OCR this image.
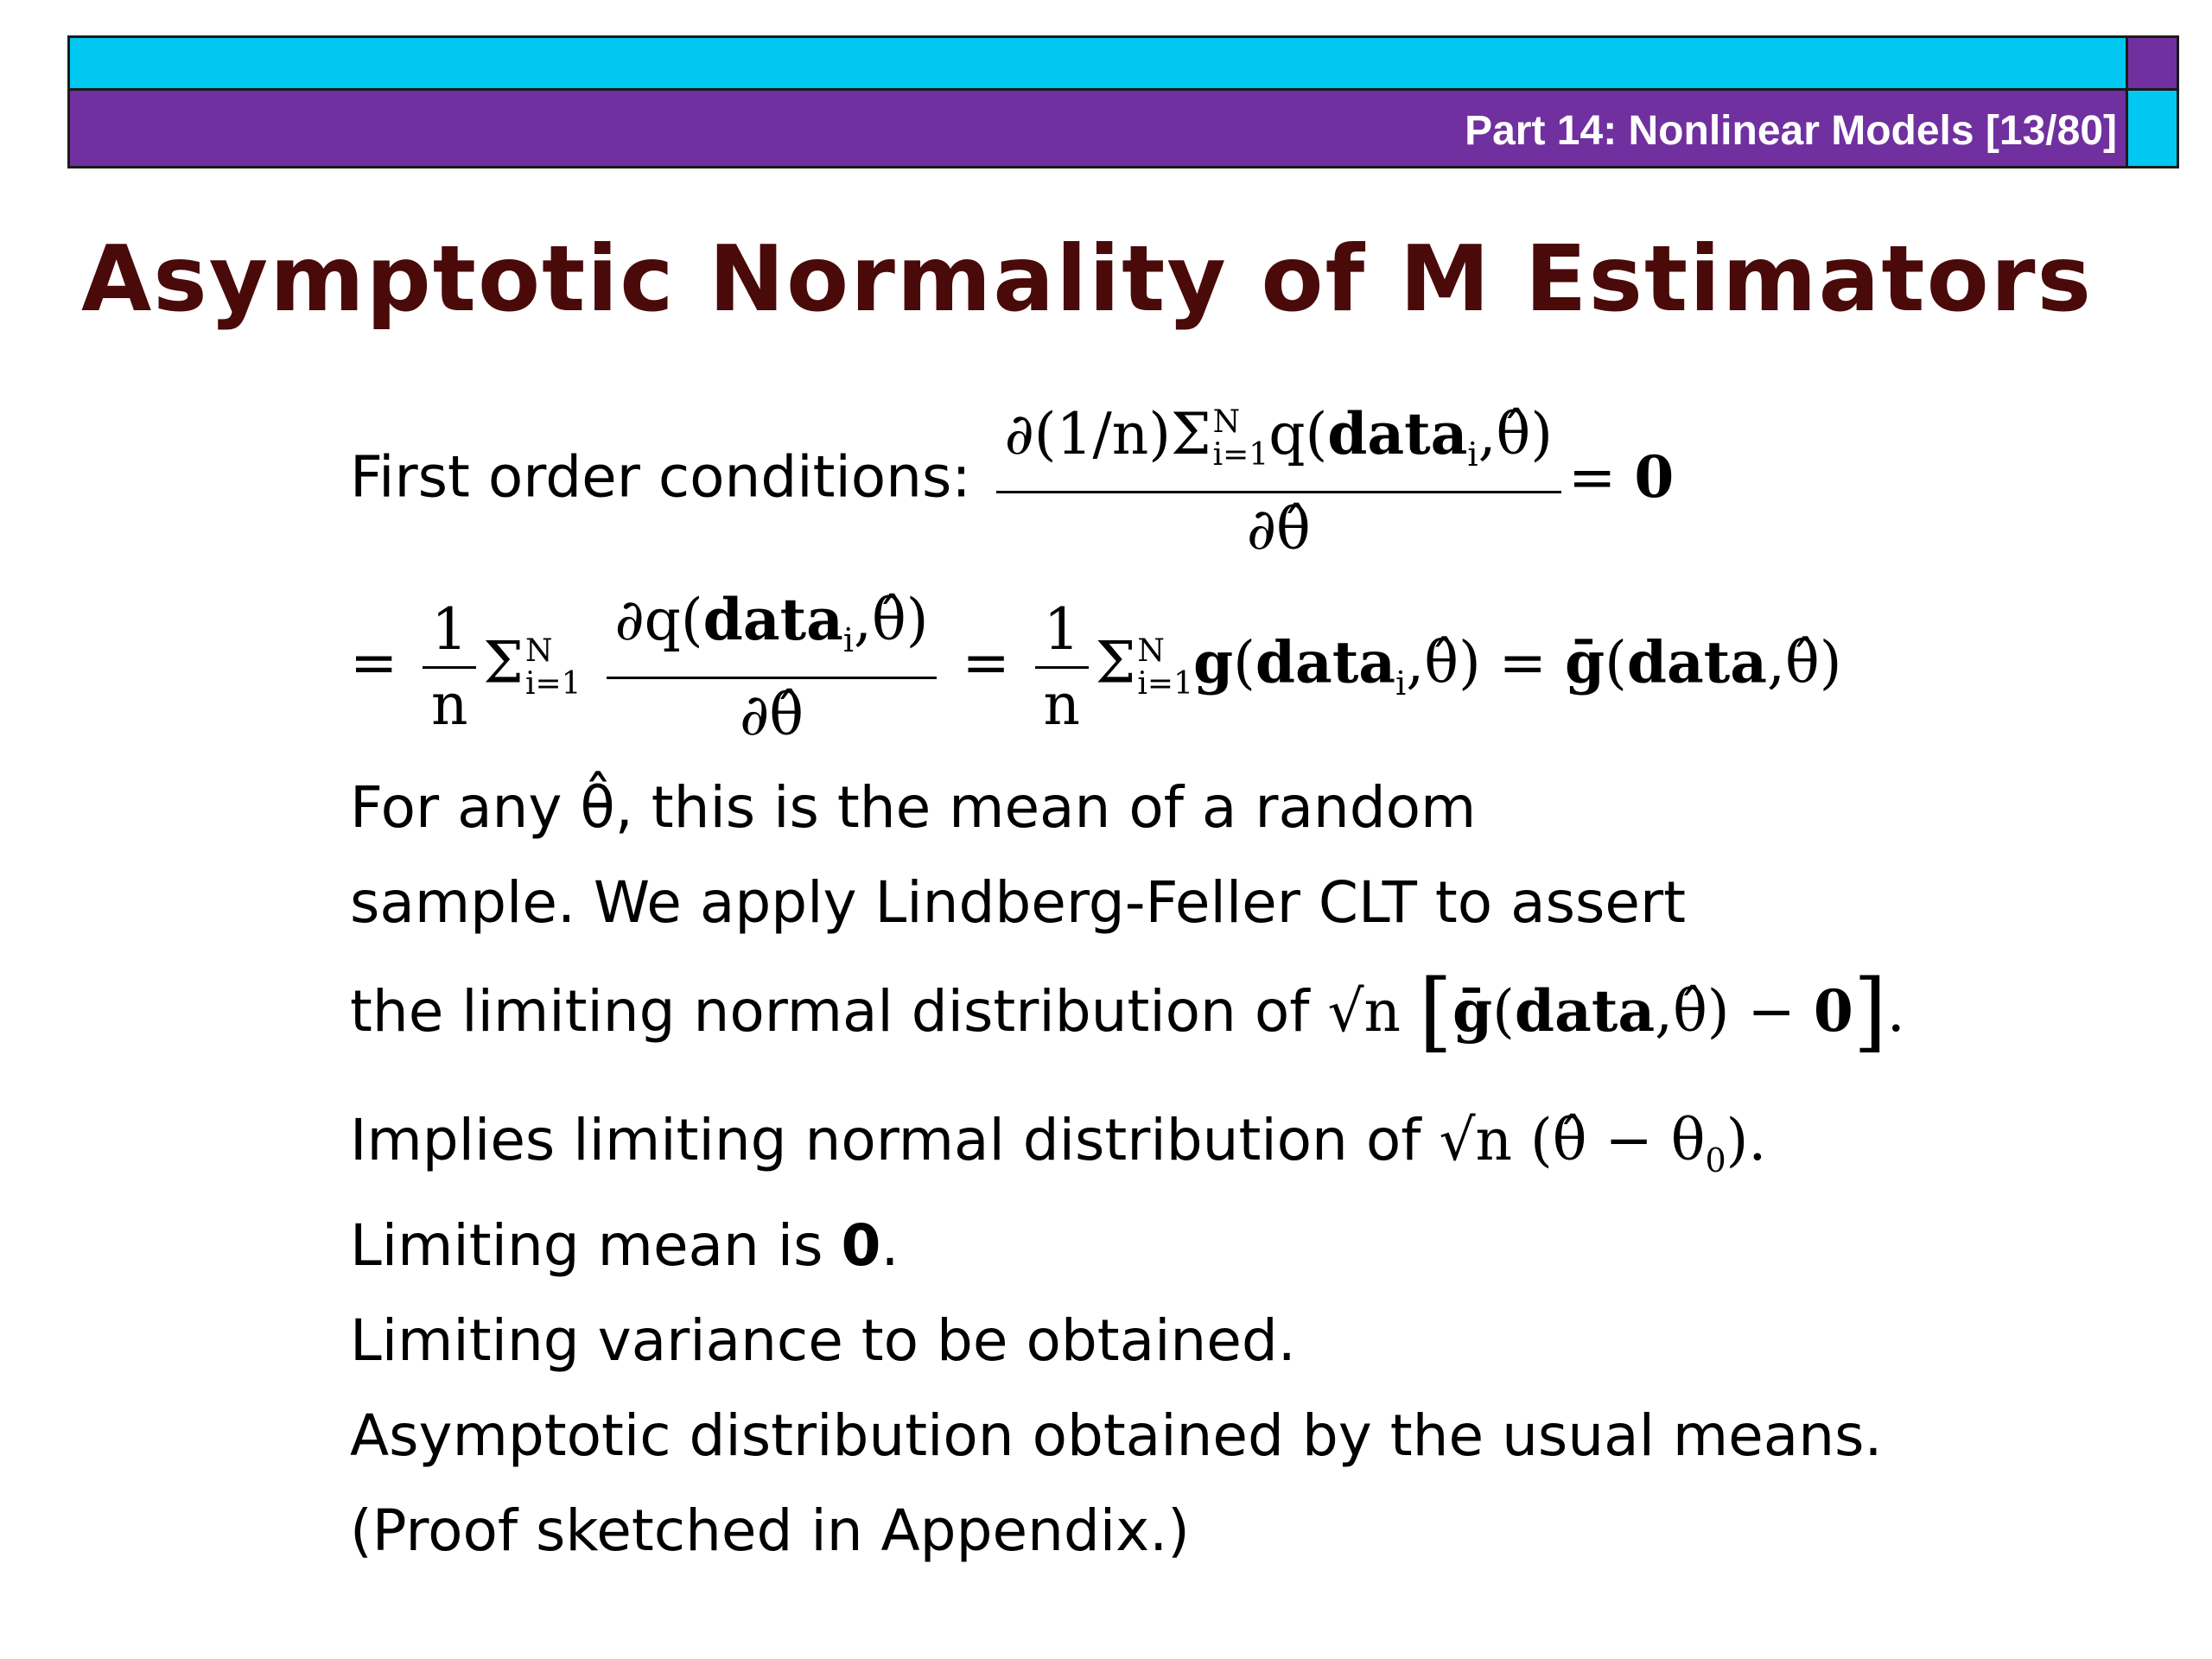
Part 14: Nonlinear Models [13/80]
Asymptotic Normality of M Estimators
First order conditions: ∂(1/n)Σ N
i=1 q(data$_i$,θ̂)
∂θ̂ = 0
= $\frac{1}{n}$ Σ N
i=1
$\frac{\partial q(data_i,\thetâ)}{\partial\thetâ} = \frac{1}{n}$ Σ N
i=1 g(data$_i$,θ̂) = ḡ(data,θ̂)
For any θ̂, this is the mean of a random
sample. We apply Lindberg-Feller CLT to assert
the limiting normal distribution of √n [ḡ(data,θ̂) − 0].
Implies limiting normal distribution of √n (θ̂ − $\theta_0$).
Limiting mean is 0.
Limiting variance to be obtained.
Asymptotic distribution obtained by the usual means.
(Proof sketched in Appendix.)
